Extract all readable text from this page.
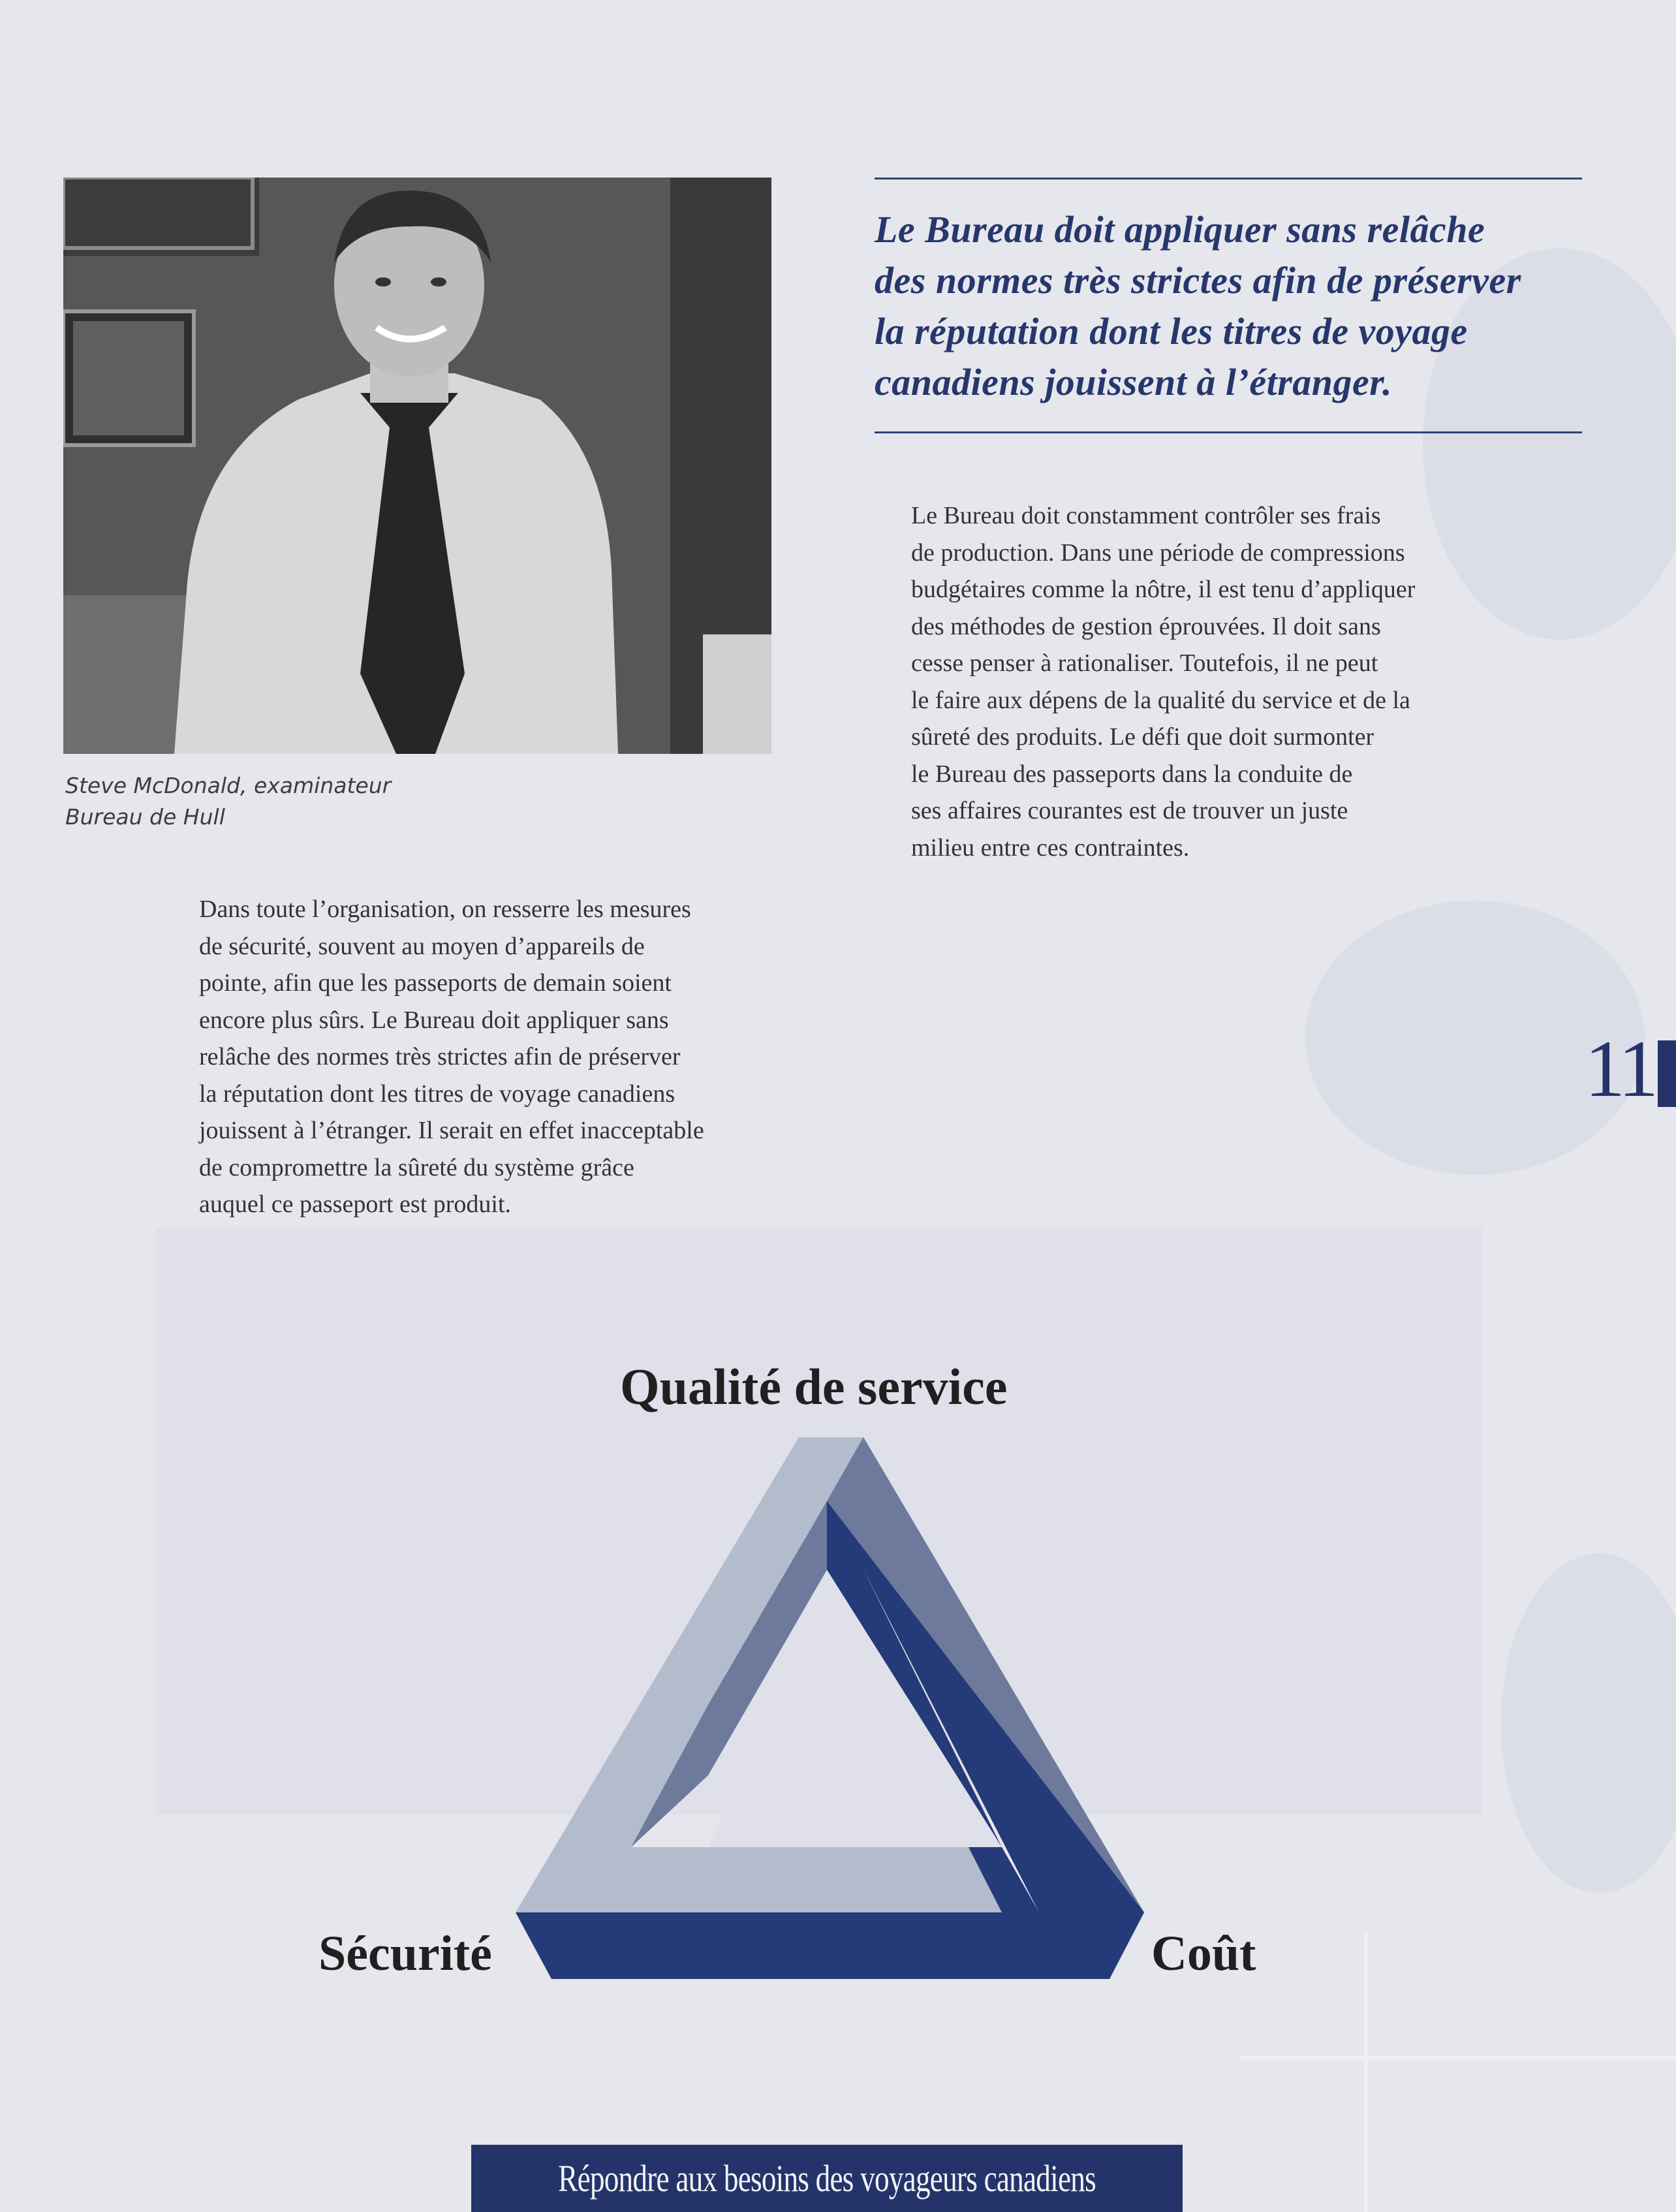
Steve McDonald, examinateur
Bureau de Hull
Le Bureau doit appliquer sans relâche
des normes très strictes afin de préserver
la réputation dont les titres de voyage
canadiens jouissent à l’étranger.
Le Bureau doit constamment contrôler ses frais
de production. Dans une période de compressions
budgétaires comme la nôtre, il est tenu d’appliquer
des méthodes de gestion éprouvées. Il doit sans
cesse penser à rationaliser. Toutefois, il ne peut
le faire aux dépens de la qualité du service et de la
sûreté des produits. Le défi que doit surmonter
le Bureau des passeports dans la conduite de
ses affaires courantes est de trouver un juste
milieu entre ces contraintes.
Dans toute l’organisation, on resserre les mesures
de sécurité, souvent au moyen d’appareils de
pointe, afin que les passeports de demain soient
encore plus sûrs. Le Bureau doit appliquer sans
relâche des normes très strictes afin de préserver
la réputation dont les titres de voyage canadiens
jouissent à l’étranger. Il serait en effet inacceptable
de compromettre la sûreté du système grâce
auquel ce passeport est produit.
11
Qualité de service
Sécurité	Coût
Répondre aux besoins des voyageurs canadiens
